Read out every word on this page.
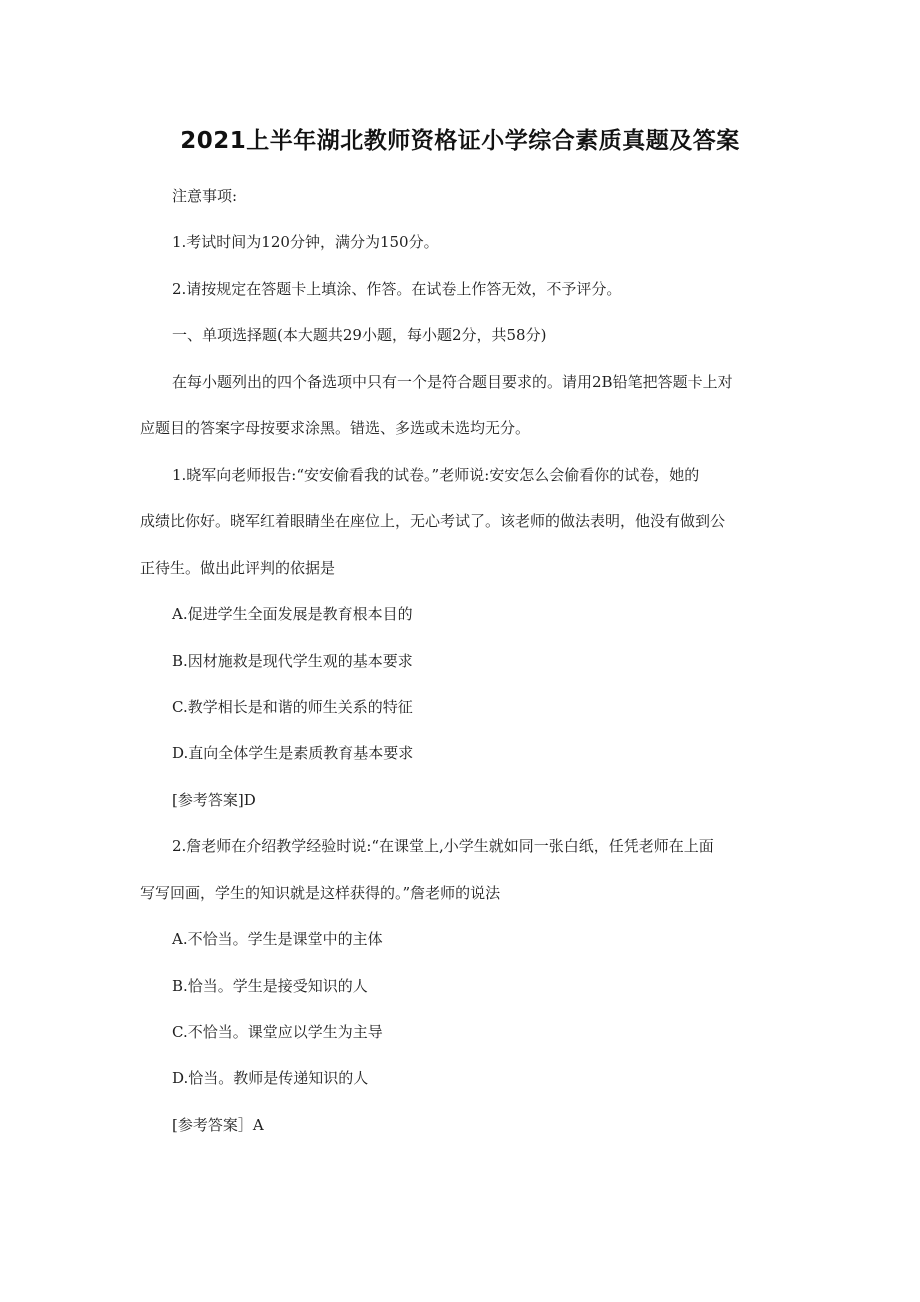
2021上半年湖北教师资格证小学综合素质真题及答案
注意事项:
1.考试时间为120分钟，满分为150分。
2.请按规定在答题卡上填涂、作答。在试卷上作答无效，不予评分。
一、单项选择题(本大题共29小题，每小题2分，共58分)
在每小题列出的四个备选项中只有一个是符合题目要求的。请用2B铅笔把答题卡上对
应题目的答案字母按要求涂黑。错选、多选或未选均无分。
1.晓军向老师报告:“安安偷看我的试卷。”老师说:安安怎么会偷看你的试卷，她的
成绩比你好。晓军红着眼睛坐在座位上，无心考试了。该老师的做法表明，他没有做到公
正待生。做出此评判的依据是
A.促进学生全面发展是教育根本目的
B.因材施救是现代学生观的基本要求
C.教学相长是和谐的师生关系的特征
D.直向全体学生是素质教育基本要求
[参考答案]D
2.詹老师在介绍教学经验时说:“在课堂上,小学生就如同一张白纸，任凭老师在上面
写写回画，学生的知识就是这样获得的。”詹老师的说法
A.不恰当。学生是课堂中的主体
B.恰当。学生是接受知识的人
C.不恰当。课堂应以学生为主导
D.恰当。教师是传递知识的人
[参考答案］A
